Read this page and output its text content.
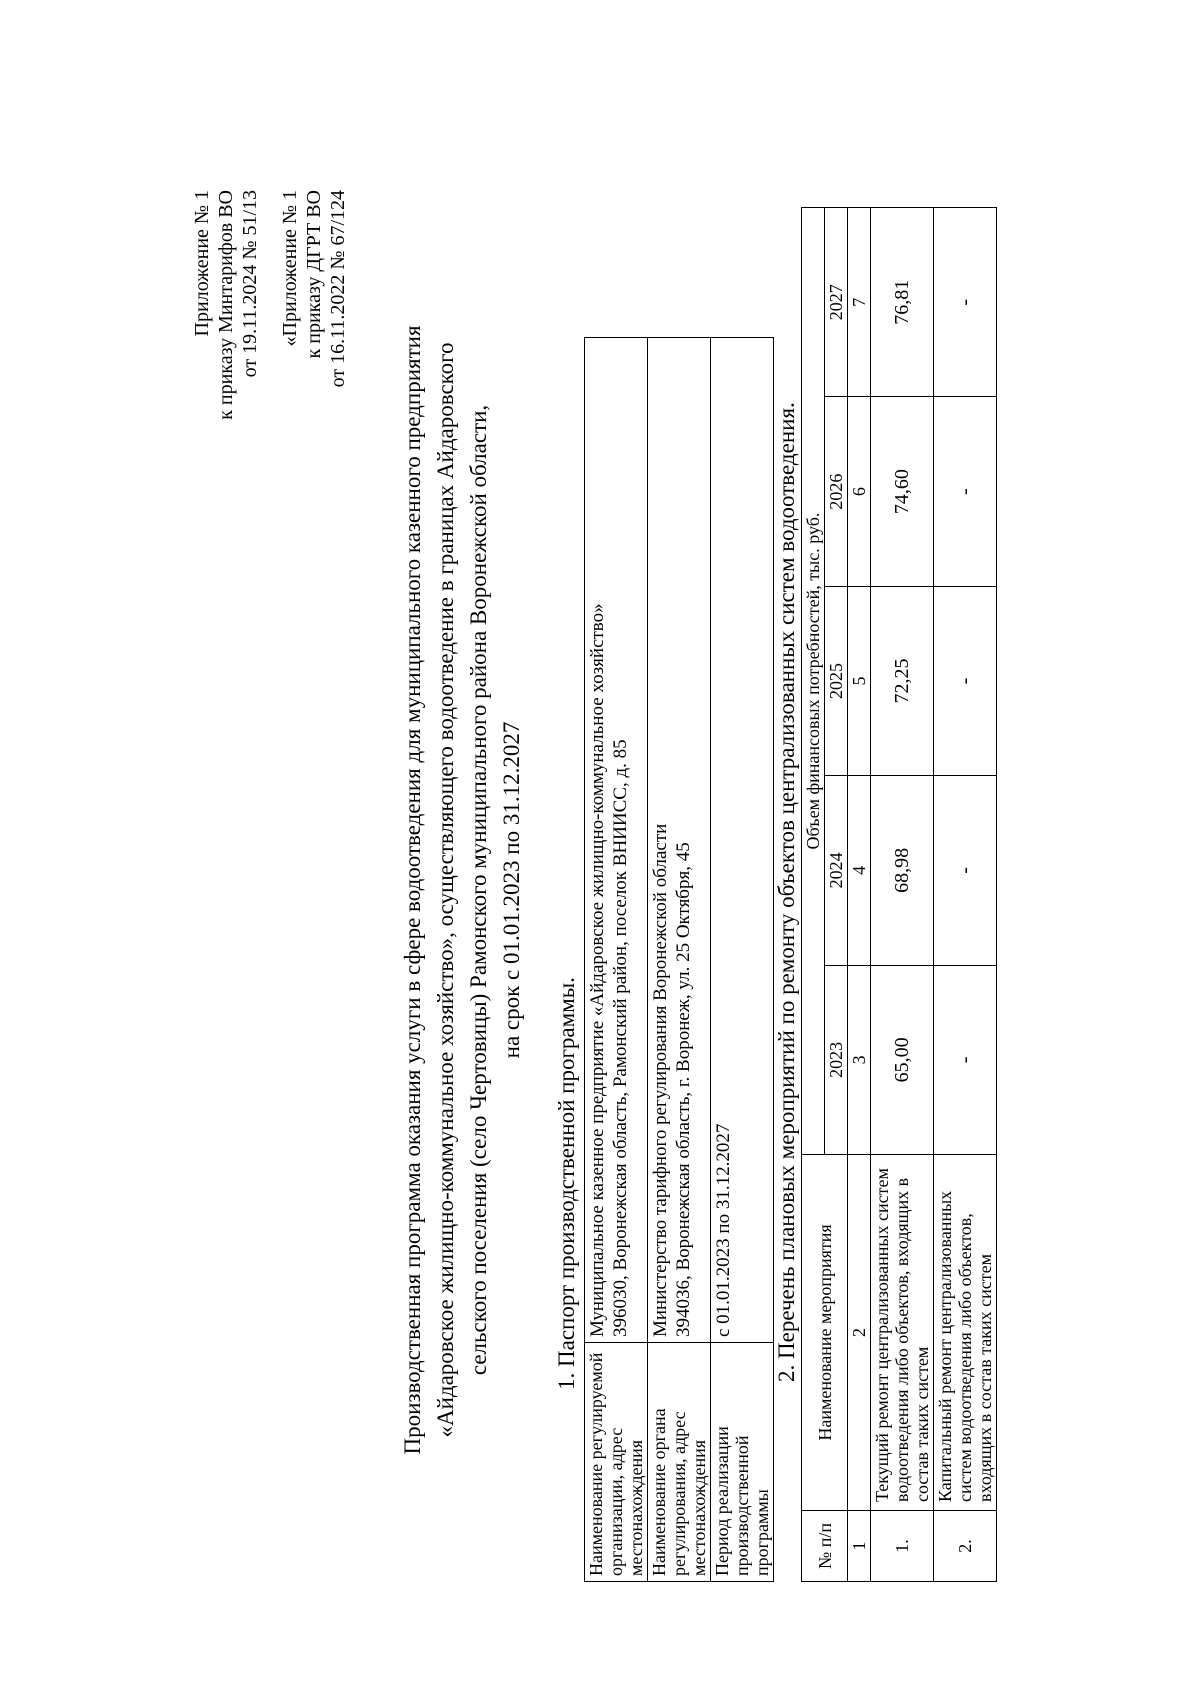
Приложение № 1 к приказу Минтарифов ВО от 19.11.2024 № 51/13 «Приложение № 1 к приказу ДГРТ ВО от 16.11.2022 № 67/124
Производственная программа оказания услуги в сфере водоотведения для муниципального казенного предприятия «Айдаровское жилищно-коммунальное хозяйство», осуществляющего водоотведение в границах Айдаровского сельского поселения (село Чертовицы) Рамонского муниципального района Воронежской области, на срок с 01.01.2023 по 31.12.2027
1. Паспорт производственной программы.
Наименование регулируемой организации, адрес местонахождения	Муниципальное казенное предприятие «Айдаровское жилищно-коммунальное хозяйство» 396030, Воронежская область, Рамонский район, поселок ВНИИСС, д. 85

Наименование органа регулирования, адрес местонахождения	Министерство тарифного регулирования Воронежской области 394036, Воронежская область, г. Воронеж, ул. 25 Октября, 45

Период реализации производственной программы	с 01.01.2023 по 31.12.2027 2. Перечень плановых мероприятий по ремонту объектов централизованных систем водоотведения.
№ п/п	Наименование мероприятия	Объем финансовых потребностей, тыс. руб.				
		2023	2024	2025	2026	2027
1	2	3	4	5	6	7
1.	Текущий ремонт централизованных систем водоотведения либо объектов, входящих в состав таких систем	65,00	68,98	72,25	74,60	76,81
2.	Капитальный ремонт централизованных систем водоотведения либо объектов, входящих в состав таких систем	-	-	-	-	-
